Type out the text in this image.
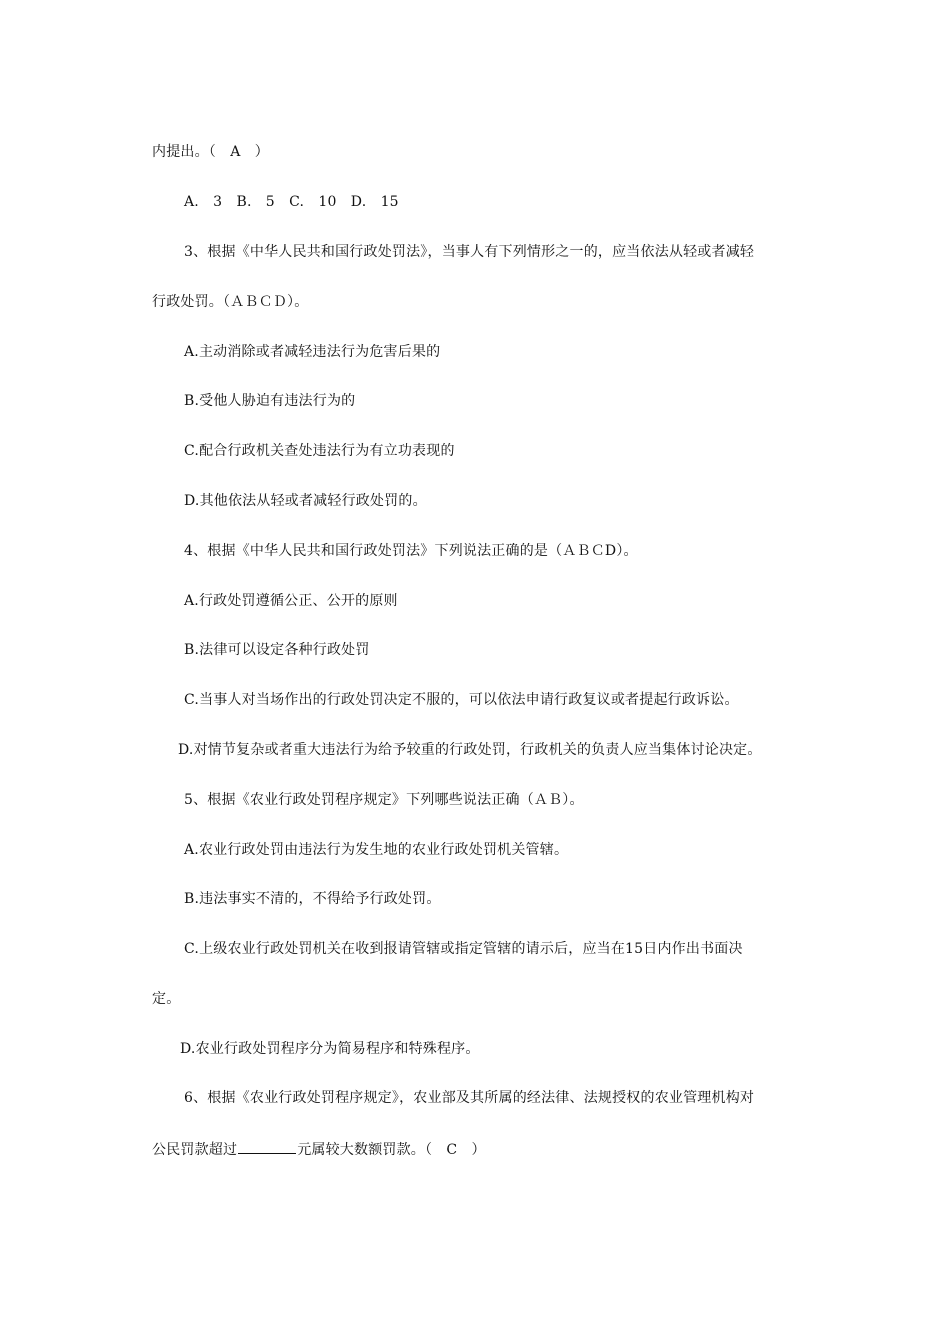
内提出。（　A　）
A.　3　B.　5　C.　10　D.　15
3、根据《中华人民共和国行政处罚法》，当事人有下列情形之一的，应当依法从轻或者减轻
行政处罚。（ＡＢＣＤ）。
A.主动消除或者减轻违法行为危害后果的
B.受他人胁迫有违法行为的
C.配合行政机关查处违法行为有立功表现的
D.其他依法从轻或者减轻行政处罚的。
4、根据《中华人民共和国行政处罚法》下列说法正确的是（ＡＢＣD）。
A.行政处罚遵循公正、公开的原则
B.法律可以设定各种行政处罚
C.当事人对当场作出的行政处罚决定不服的，可以依法申请行政复议或者提起行政诉讼。
D.对情节复杂或者重大违法行为给予较重的行政处罚，行政机关的负责人应当集体讨论决定。
5、根据《农业行政处罚程序规定》下列哪些说法正确（ＡＢ）。
A.农业行政处罚由违法行为发生地的农业行政处罚机关管辖。
B.违法事实不清的，不得给予行政处罚。
C.上级农业行政处罚机关在收到报请管辖或指定管辖的请示后，应当在15日内作出书面决
定。
D.农业行政处罚程序分为简易程序和特殊程序。
6、根据《农业行政处罚程序规定》，农业部及其所属的经法律、法规授权的农业管理机构对
公民罚款超过	元属较大数额罚款。（　C　）
